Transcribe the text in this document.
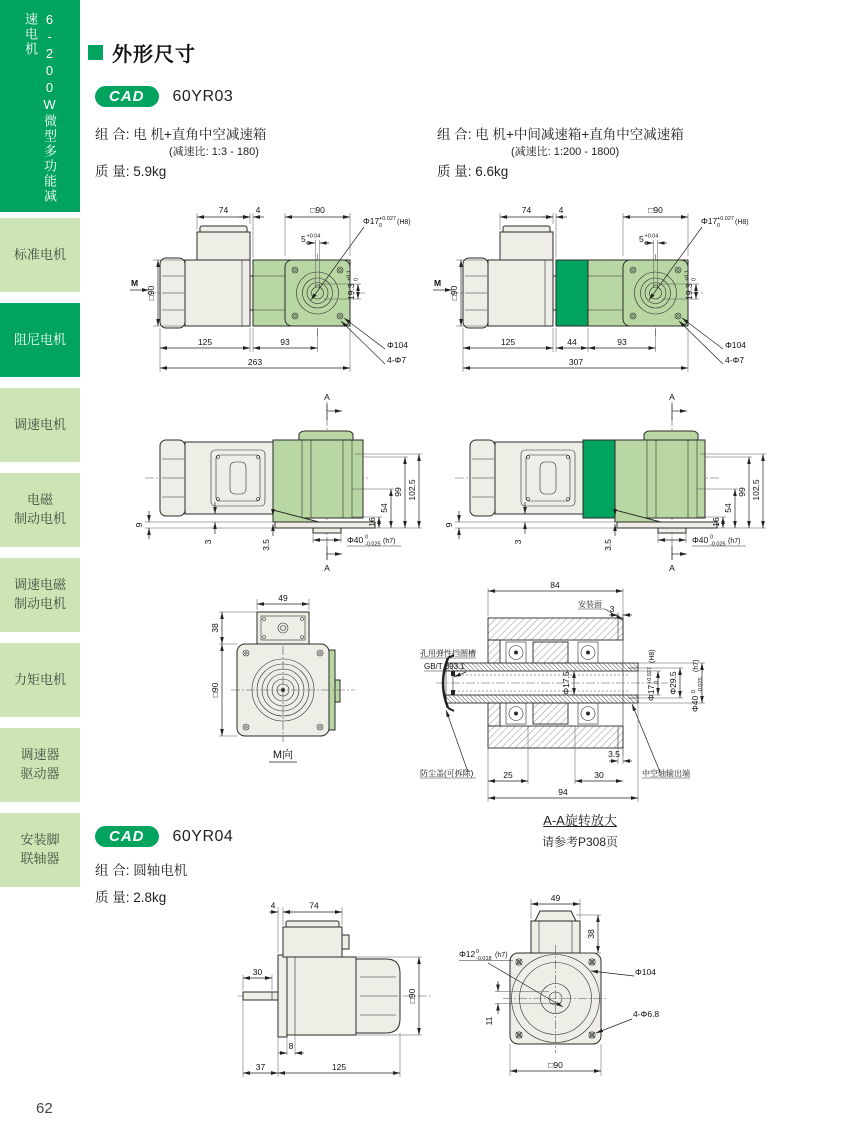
6-200W微型多功能减速电机
标准电机
阻尼电机
调速电机
电磁
制动电机
调速电磁
制动电机
力矩电机
调速器
驱动器
安装脚
联轴器
外形尺寸
CAD	60YR03
组 合: 电 机+直角中空减速箱
(减速比: 1:3 - 180)
质 量: 5.9kg
组 合: 电 机+中间减速箱+直角中空减速箱
(减速比: 1:200 - 1800)
质 量: 6.6kg
74	4	□90
5 +0.04
0
Φ17 +0.027
0 (H8)
19.3
+0.1 0
□90
M
125	93
263
Φ104
4-Φ7
74	4	□90
5 +0.04
0
Φ17 +0.027
0 (H8)
19.3
+0.1 0
□90
M
125	44	93
307
Φ104
4-Φ7
A
A
16
54
99 102.5
9
3	3.5	Φ40 0
-0.025 (h7)
A
A
16
54
99 102.5
9
3	3.5	Φ40 0
-0.025 (h7)
49
38
□90
M向
84
安装面 3
Φ17.5	Φ17
+0.027 0
(H8)
Φ29.5
Φ40
0 -0.025
(h7)
孔用弹性挡圈槽
GB/T 893.1
防尘盖(可拆除)	中空轴输出端
3.5
25	30
94
A-A旋转放大
请参考P308页
CAD	60YR04
组 合: 圆轴电机
质 量: 2.8kg
4	74
30
□90
8
37	125
49
38
Φ12 0
-0.018 (h7)
11
Φ104
4-Φ6.8
□90
62
